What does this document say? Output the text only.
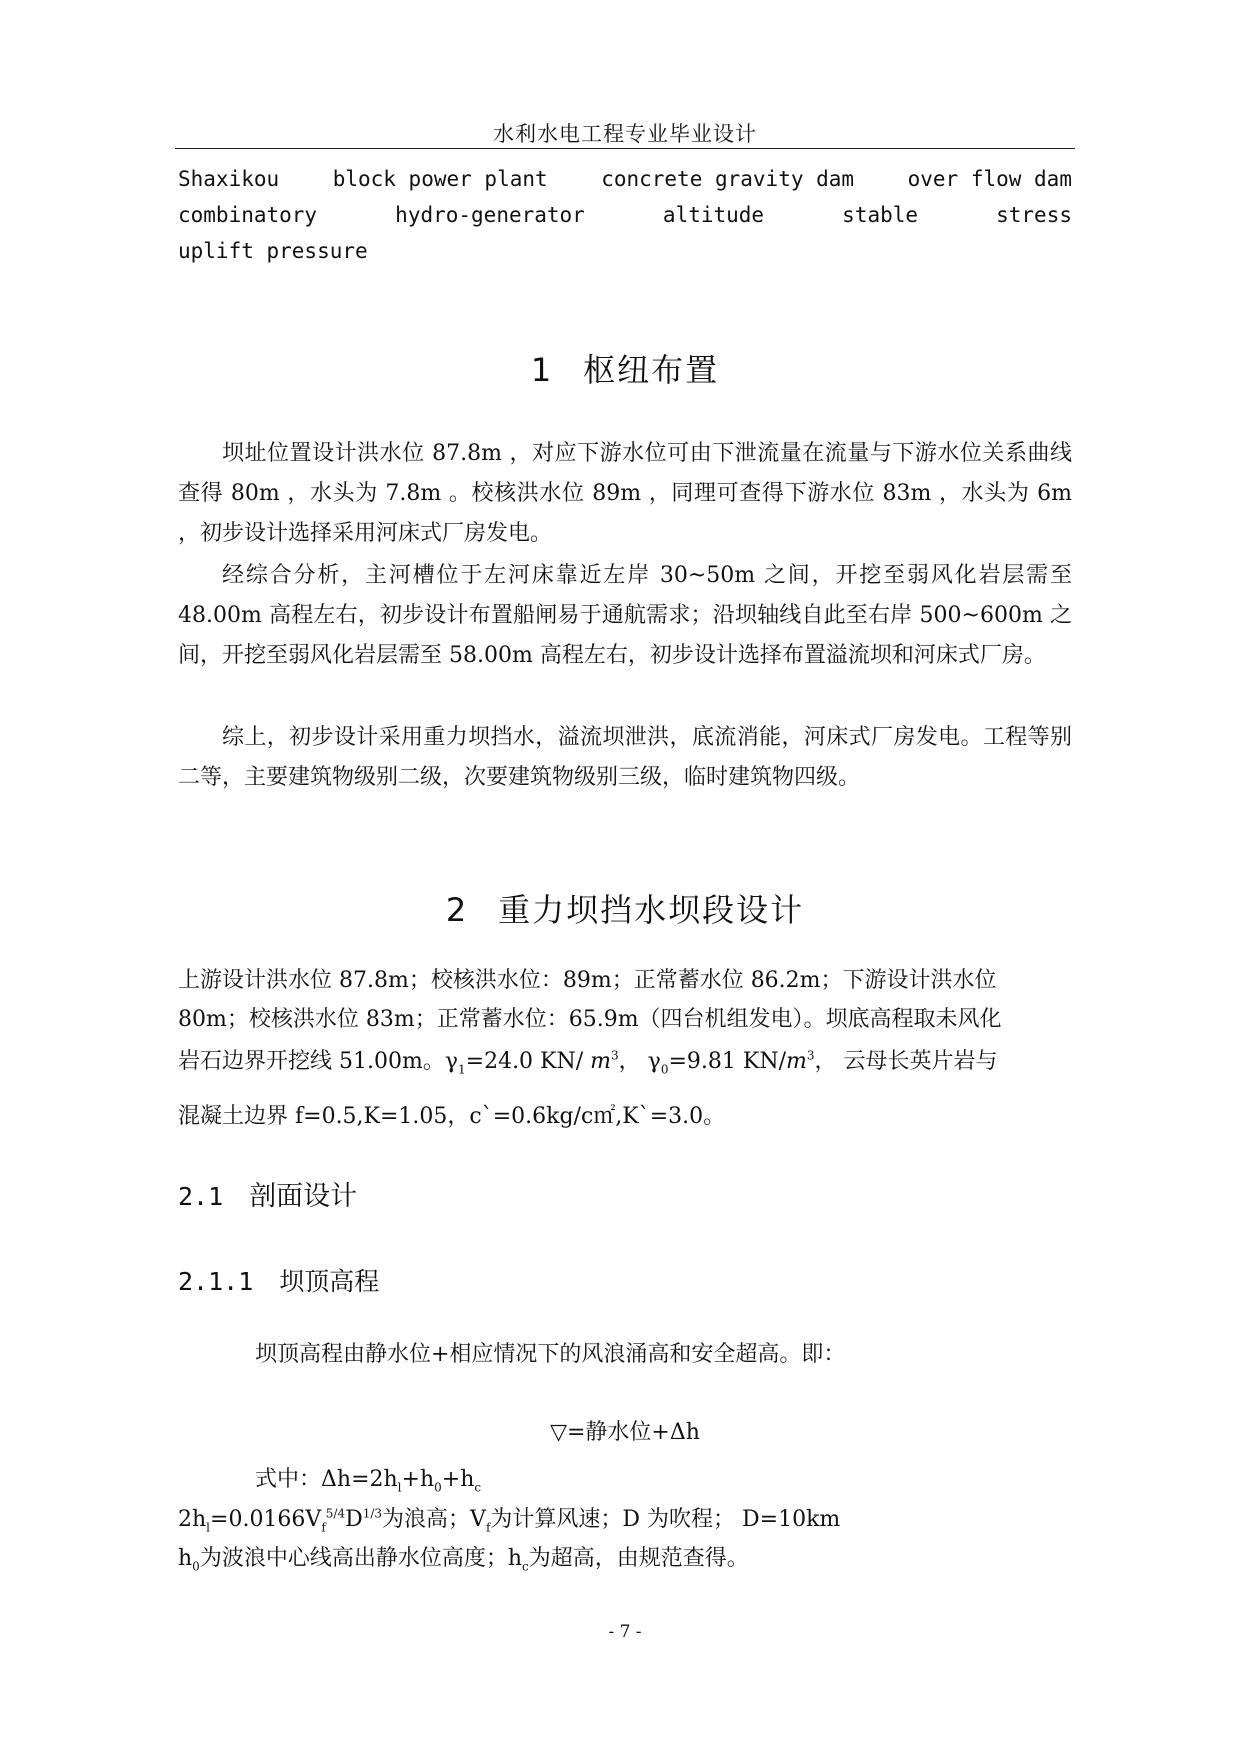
水利水电工程专业毕业设计
Shaxikou	block power plant	concrete gravity dam	over flow dam
combinatory	hydro-generator	altitude	stable	stress
uplift pressure
1 枢纽布置
坝址位置设计洪水位 87.8m ，对应下游水位可由下泄流量在流量与下游水位关系曲线查得 80m ，水头为 7.8m 。校核洪水位 89m ，同理可查得下游水位 83m ，水头为 6m ，初步设计选择采用河床式厂房发电。
经综合分析，主河槽位于左河床靠近左岸 30~50m 之间，开挖至弱风化岩层需至 48.00m 高程左右，初步设计布置船闸易于通航需求；沿坝轴线自此至右岸 500~600m 之间，开挖至弱风化岩层需至 58.00m 高程左右，初步设计选择布置溢流坝和河床式厂房。
综上，初步设计采用重力坝挡水，溢流坝泄洪，底流消能，河床式厂房发电。工程等别二等，主要建筑物级别二级，次要建筑物级别三级，临时建筑物四级。
2 重力坝挡水坝段设计
上游设计洪水位 87.8m；校核洪水位：89m；正常蓄水位 86.2m；下游设计洪水位
80m；校核洪水位 83m；正常蓄水位：65.9m（四台机组发电）。坝底高程取未风化
岩石边界开挖线 51.00m。$\gamma_1=24.0$ KN/ $m^3$， $\gamma_0=9.81$ $KN/m^3$， 云母长英片岩与
混凝土边界 f=0.5,K=1.05，c`=0.6kg/c㎡,K`=3.0。
2.1 剖面设计
2.1.1 坝顶高程
坝顶高程由静水位+相应情况下的风浪涌高和安全超高。即：
▽=静水位+Δh
式中：$\Delta h=2h_l+h_0+h_c$
$2h_l=0.0166V_f^{5/4}D^{1/3}$为浪高；$V_f$为计算风速；D 为吹程； D=10km
$h_0$为波浪中心线高出静水位高度；$h_c$为超高，由规范查得。
- 7 -
